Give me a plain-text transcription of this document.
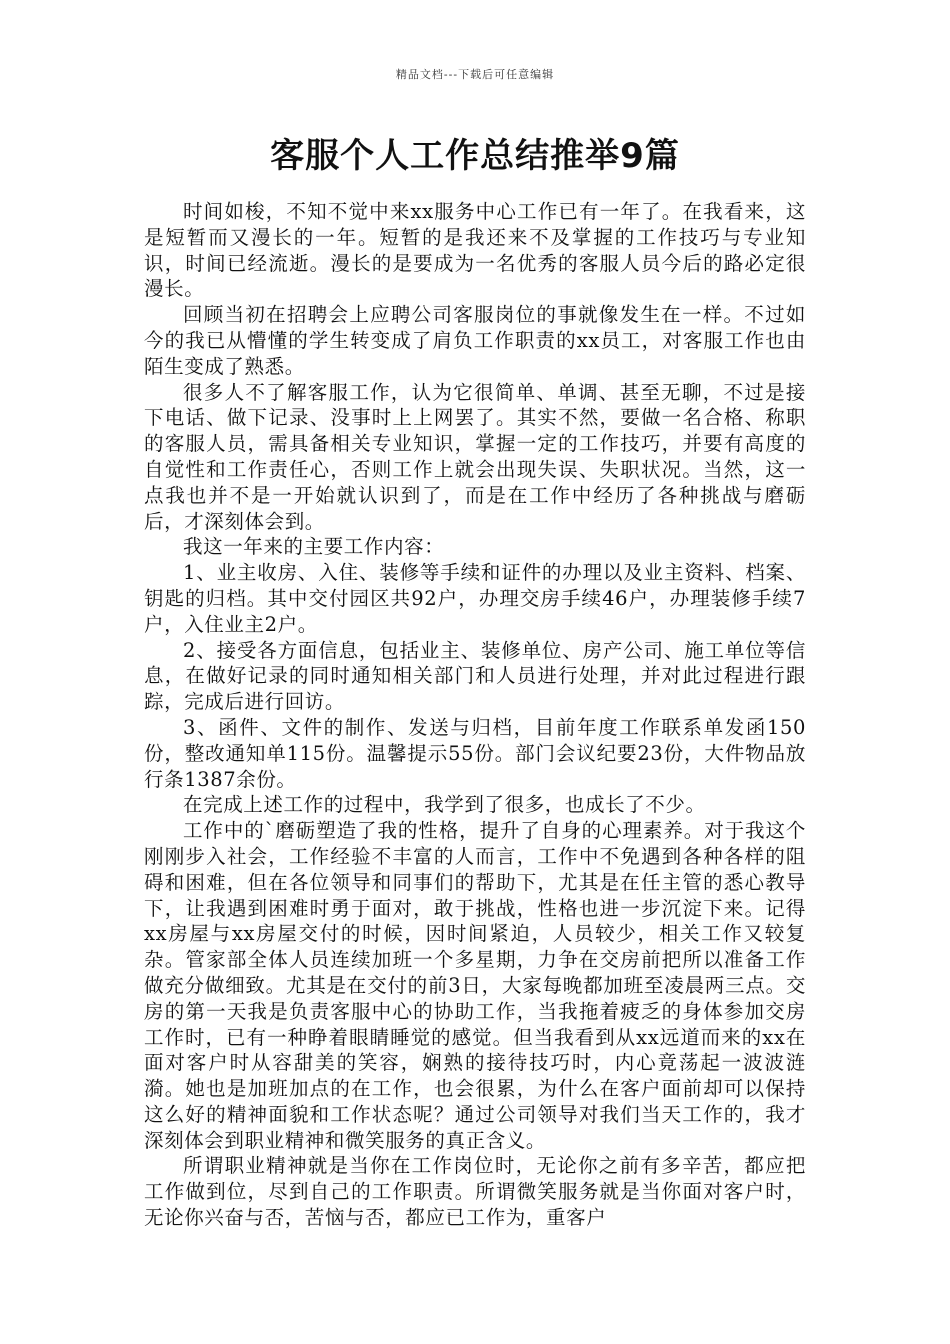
精品文档---下载后可任意编辑
客服个人工作总结推举9篇

时间如梭，不知不觉中来xx服务中心工作已有一年了。在我看来，这是短暂而又漫长的一年。短暂的是我还来不及掌握的工作技巧与专业知识，时间已经流逝。漫长的是要成为一名优秀的客服人员今后的路必定很漫长。

回顾当初在招聘会上应聘公司客服岗位的事就像发生在一样。不过如今的我已从懵懂的学生转变成了肩负工作职责的xx员工，对客服工作也由陌生变成了熟悉。

很多人不了解客服工作，认为它很简单、单调、甚至无聊，不过是接下电话、做下记录、没事时上上网罢了。其实不然，要做一名合格、称职的客服人员，需具备相关专业知识，掌握一定的工作技巧，并要有高度的自觉性和工作责任心，否则工作上就会出现失误、失职状况。当然，这一点我也并不是一开始就认识到了，而是在工作中经历了各种挑战与磨砺后，才深刻体会到。

我这一年来的主要工作内容：

1、业主收房、入住、装修等手续和证件的办理以及业主资料、档案、钥匙的归档。其中交付园区共92户，办理交房手续46户，办理装修手续7户，入住业主2户。

2、接受各方面信息，包括业主、装修单位、房产公司、施工单位等信息，在做好记录的同时通知相关部门和人员进行处理，并对此过程进行跟踪，完成后进行回访。

3、函件、文件的制作、发送与归档，目前年度工作联系单发函150份，整改通知单115份。温馨提示55份。部门会议纪要23份，大件物品放行条1387余份。

在完成上述工作的过程中，我学到了很多，也成长了不少。

工作中的`磨砺塑造了我的性格，提升了自身的心理素养。对于我这个刚刚步入社会，工作经验不丰富的人而言，工作中不免遇到各种各样的阻碍和困难，但在各位领导和同事们的帮助下，尤其是在任主管的悉心教导下，让我遇到困难时勇于面对，敢于挑战，性格也进一步沉淀下来。记得xx房屋与xx房屋交付的时候，因时间紧迫，人员较少，相关工作又较复杂。管家部全体人员连续加班一个多星期，力争在交房前把所以准备工作做充分做细致。尤其是在交付的前3日，大家每晚都加班至凌晨两三点。交房的第一天我是负责客服中心的协助工作，当我拖着疲乏的身体参加交房工作时，已有一种睁着眼睛睡觉的感觉。但当我看到从xx远道而来的xx在面对客户时从容甜美的笑容，娴熟的接待技巧时，内心竟荡起一波波涟漪。她也是加班加点的在工作，也会很累，为什么在客户面前却可以保持这么好的精神面貌和工作状态呢？通过公司领导对我们当天工作的，我才深刻体会到职业精神和微笑服务的真正含义。

所谓职业精神就是当你在工作岗位时，无论你之前有多辛苦，都应把工作做到位，尽到自己的工作职责。所谓微笑服务就是当你面对客户时，无论你兴奋与否，苦恼与否，都应已工作为，重客户
